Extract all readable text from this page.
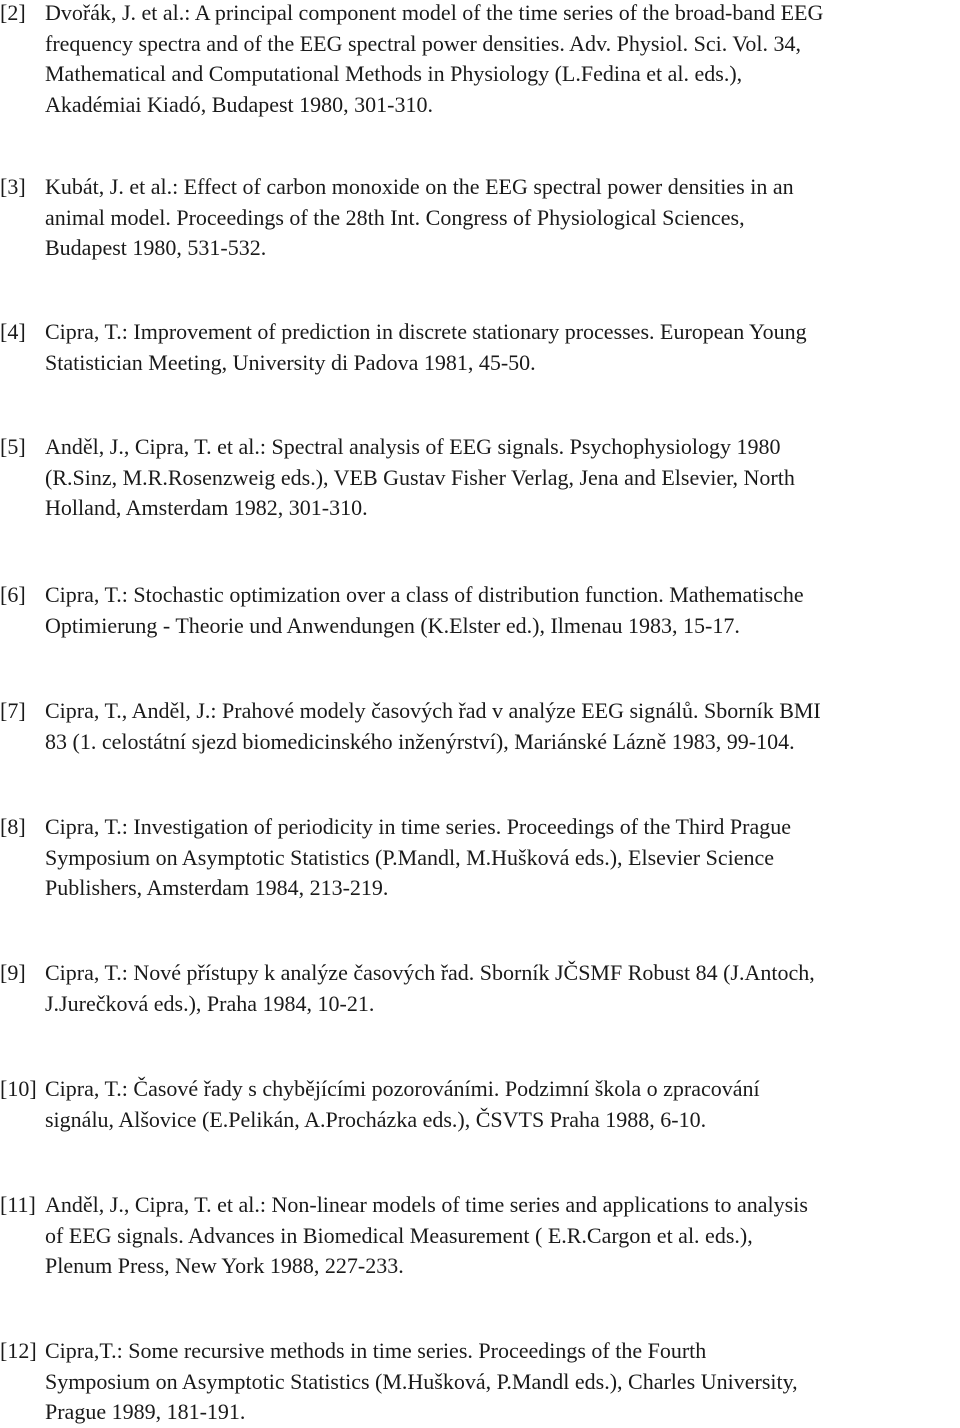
[2] Dvořák, J. et al.: A principal component model of the time series of the broad-band EEG
frequency spectra and of the EEG spectral power densities. Adv. Physiol. Sci. Vol. 34,
Mathematical and Computational Methods in Physiology (L.Fedina et al. eds.),
Akadémiai Kiadó, Budapest 1980, 301-310.
[3] Kubát, J. et al.: Effect of carbon monoxide on the EEG spectral power densities in an
animal model. Proceedings of the 28th Int. Congress of Physiological Sciences,
Budapest 1980, 531-532.
[4] Cipra, T.: Improvement of prediction in discrete stationary processes. European Young
Statistician Meeting, University di Padova 1981, 45-50.
[5] Anděl, J., Cipra, T. et al.: Spectral analysis of EEG signals. Psychophysiology 1980
(R.Sinz, M.R.Rosenzweig eds.), VEB Gustav Fisher Verlag, Jena and Elsevier, North
Holland, Amsterdam 1982, 301-310.
[6] Cipra, T.: Stochastic optimization over a class of distribution function. Mathematische
Optimierung - Theorie und Anwendungen (K.Elster ed.), Ilmenau 1983, 15-17.
[7] Cipra, T., Anděl, J.: Prahové modely časových řad v analýze EEG signálů. Sborník BMI
83 (1. celostátní sjezd biomedicinského inženýrství), Mariánské Lázně 1983, 99-104.
[8] Cipra, T.: Investigation of periodicity in time series. Proceedings of the Third Prague
Symposium on Asymptotic Statistics (P.Mandl, M.Hušková eds.), Elsevier Science
Publishers, Amsterdam 1984, 213-219.
[9] Cipra, T.: Nové přístupy k analýze časových řad. Sborník JČSMF Robust 84 (J.Antoch,
J.Jurečková eds.), Praha 1984, 10-21.
[10] Cipra, T.: Časové řady s chybějícími pozorováními. Podzimní škola o zpracování
signálu, Alšovice (E.Pelikán, A.Procházka eds.), ČSVTS Praha 1988, 6-10.
[11] Anděl, J., Cipra, T. et al.: Non-linear models of time series and applications to analysis
of EEG signals. Advances in Biomedical Measurement ( E.R.Cargon et al. eds.),
Plenum Press, New York 1988, 227-233.
[12] Cipra,T.: Some recursive methods in time series. Proceedings of the Fourth
Symposium on Asymptotic Statistics (M.Hušková, P.Mandl eds.), Charles University,
Prague 1989, 181-191.
